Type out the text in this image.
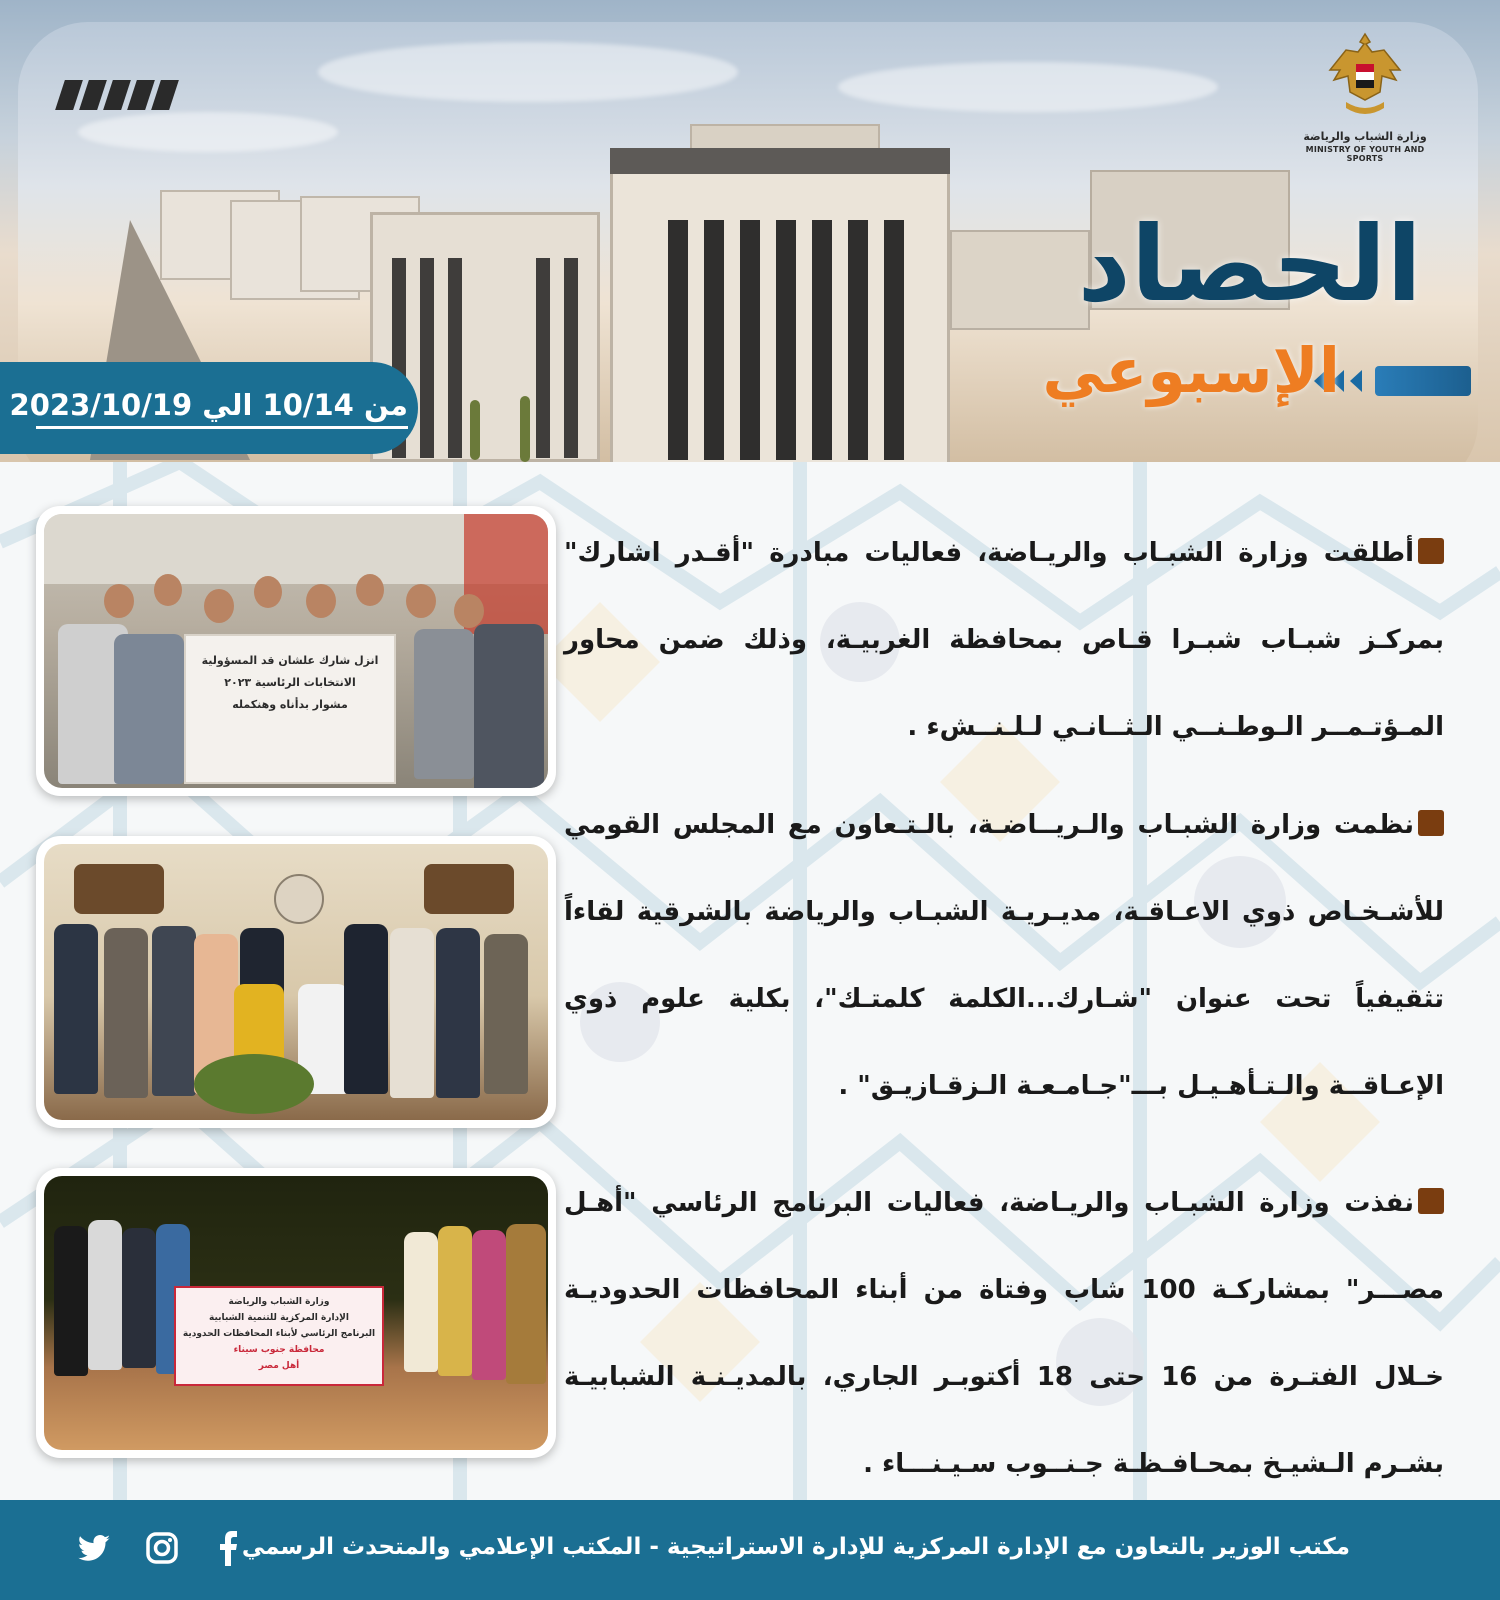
وزارة الشباب والرياضة
MINISTRY OF YOUTH AND SPORTS
الحصاد
الإسبوعي
من 10/14 الي 2023/10/19
انزل شارك علشان قد المسؤولية
الانتخابات الرئاسية ٢٠٢٣
مشوار بدأناه وهنكمله
وزارة الشباب والرياضة
الإدارة المركزية للتنمية الشبابية
البرنامج الرئاسي لأبناء المحافظات الحدودية
محافظة جنوب سيناء
أهل مصر
أطلقت وزارة الشبـاب والريـاضة، فعاليات مبادرة "أقـدر اشارك" بمركـز شبـاب شبـرا قـاص بمحافظة الغربيـة، وذلك ضمن محاور المـؤتـمــر الـوطـنــي الـثــانـي لـلـنــشء .
نظمت وزارة الشبـاب والـريــاضـة، بالـتـعاون مع المجلس القومي للأشـخـاص ذوي الاعـاقـة، مديـريـة الشبـاب والرياضة بالشرقية لقاءاً تثقيفياً تحت عنوان "شـارك...الكلمة كلمتـك"، بكلية علوم ذوي الإعـاقــة والـتـأهـيـل بـــ"جـامـعـة الـزقـازيـق" .
نفذت وزارة الشبـاب والريـاضة، فعاليات البرنامج الرئاسي "أهـل مصـــر" بمشاركـة 100 شاب وفتاة من أبناء المحافظات الحدوديـة خـلال الفتـرة من 16 حتى 18 أكتوبـر الجاري، بالمديـنـة الشبابيـة بشـرم الـشيـخ بمحـافـظـة جـنــوب سـيـنـــاء .
مكتب الوزير بالتعاون مع الإدارة المركزية للإدارة الاستراتيجية - المكتب الإعلامي والمتحدث الرسمي
